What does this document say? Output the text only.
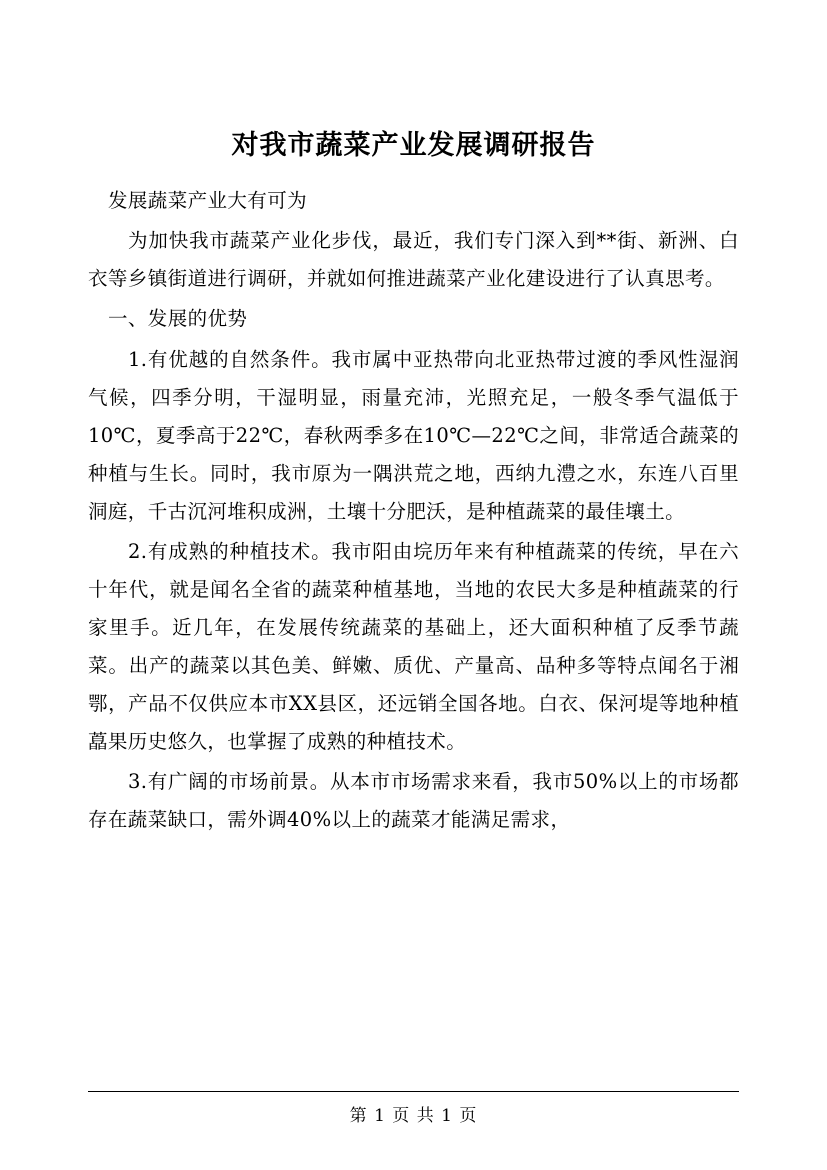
对我市蔬菜产业发展调研报告

发展蔬菜产业大有可为

为加快我市蔬菜产业化步伐，最近，我们专门深入到**街、新洲、白衣等乡镇街道进行调研，并就如何推进蔬菜产业化建设进行了认真思考。

一、发展的优势

1.有优越的自然条件。我市属中亚热带向北亚热带过渡的季风性湿润气候，四季分明，干湿明显，雨量充沛，光照充足，一般冬季气温低于10℃，夏季高于22℃，春秋两季多在10℃—22℃之间，非常适合蔬菜的种植与生长。同时，我市原为一隅洪荒之地，西纳九澧之水，东连八百里洞庭，千古沉河堆积成洲，土壤十分肥沃，是种植蔬菜的最佳壤土。

2.有成熟的种植技术。我市阳由垸历年来有种植蔬菜的传统，早在六十年代，就是闻名全省的蔬菜种植基地，当地的农民大多是种植蔬菜的行家里手。近几年，在发展传统蔬菜的基础上，还大面积种植了反季节蔬菜。出产的蔬菜以其色美、鲜嫩、质优、产量高、品种多等特点闻名于湘鄂，产品不仅供应本市XX县区，还远销全国各地。白衣、保河堤等地种植藠果历史悠久，也掌握了成熟的种植技术。

3.有广阔的市场前景。从本市市场需求来看，我市50%以上的市场都存在蔬菜缺口，需外调40%以上的蔬菜才能满足需求，

第 1 页 共 1 页
